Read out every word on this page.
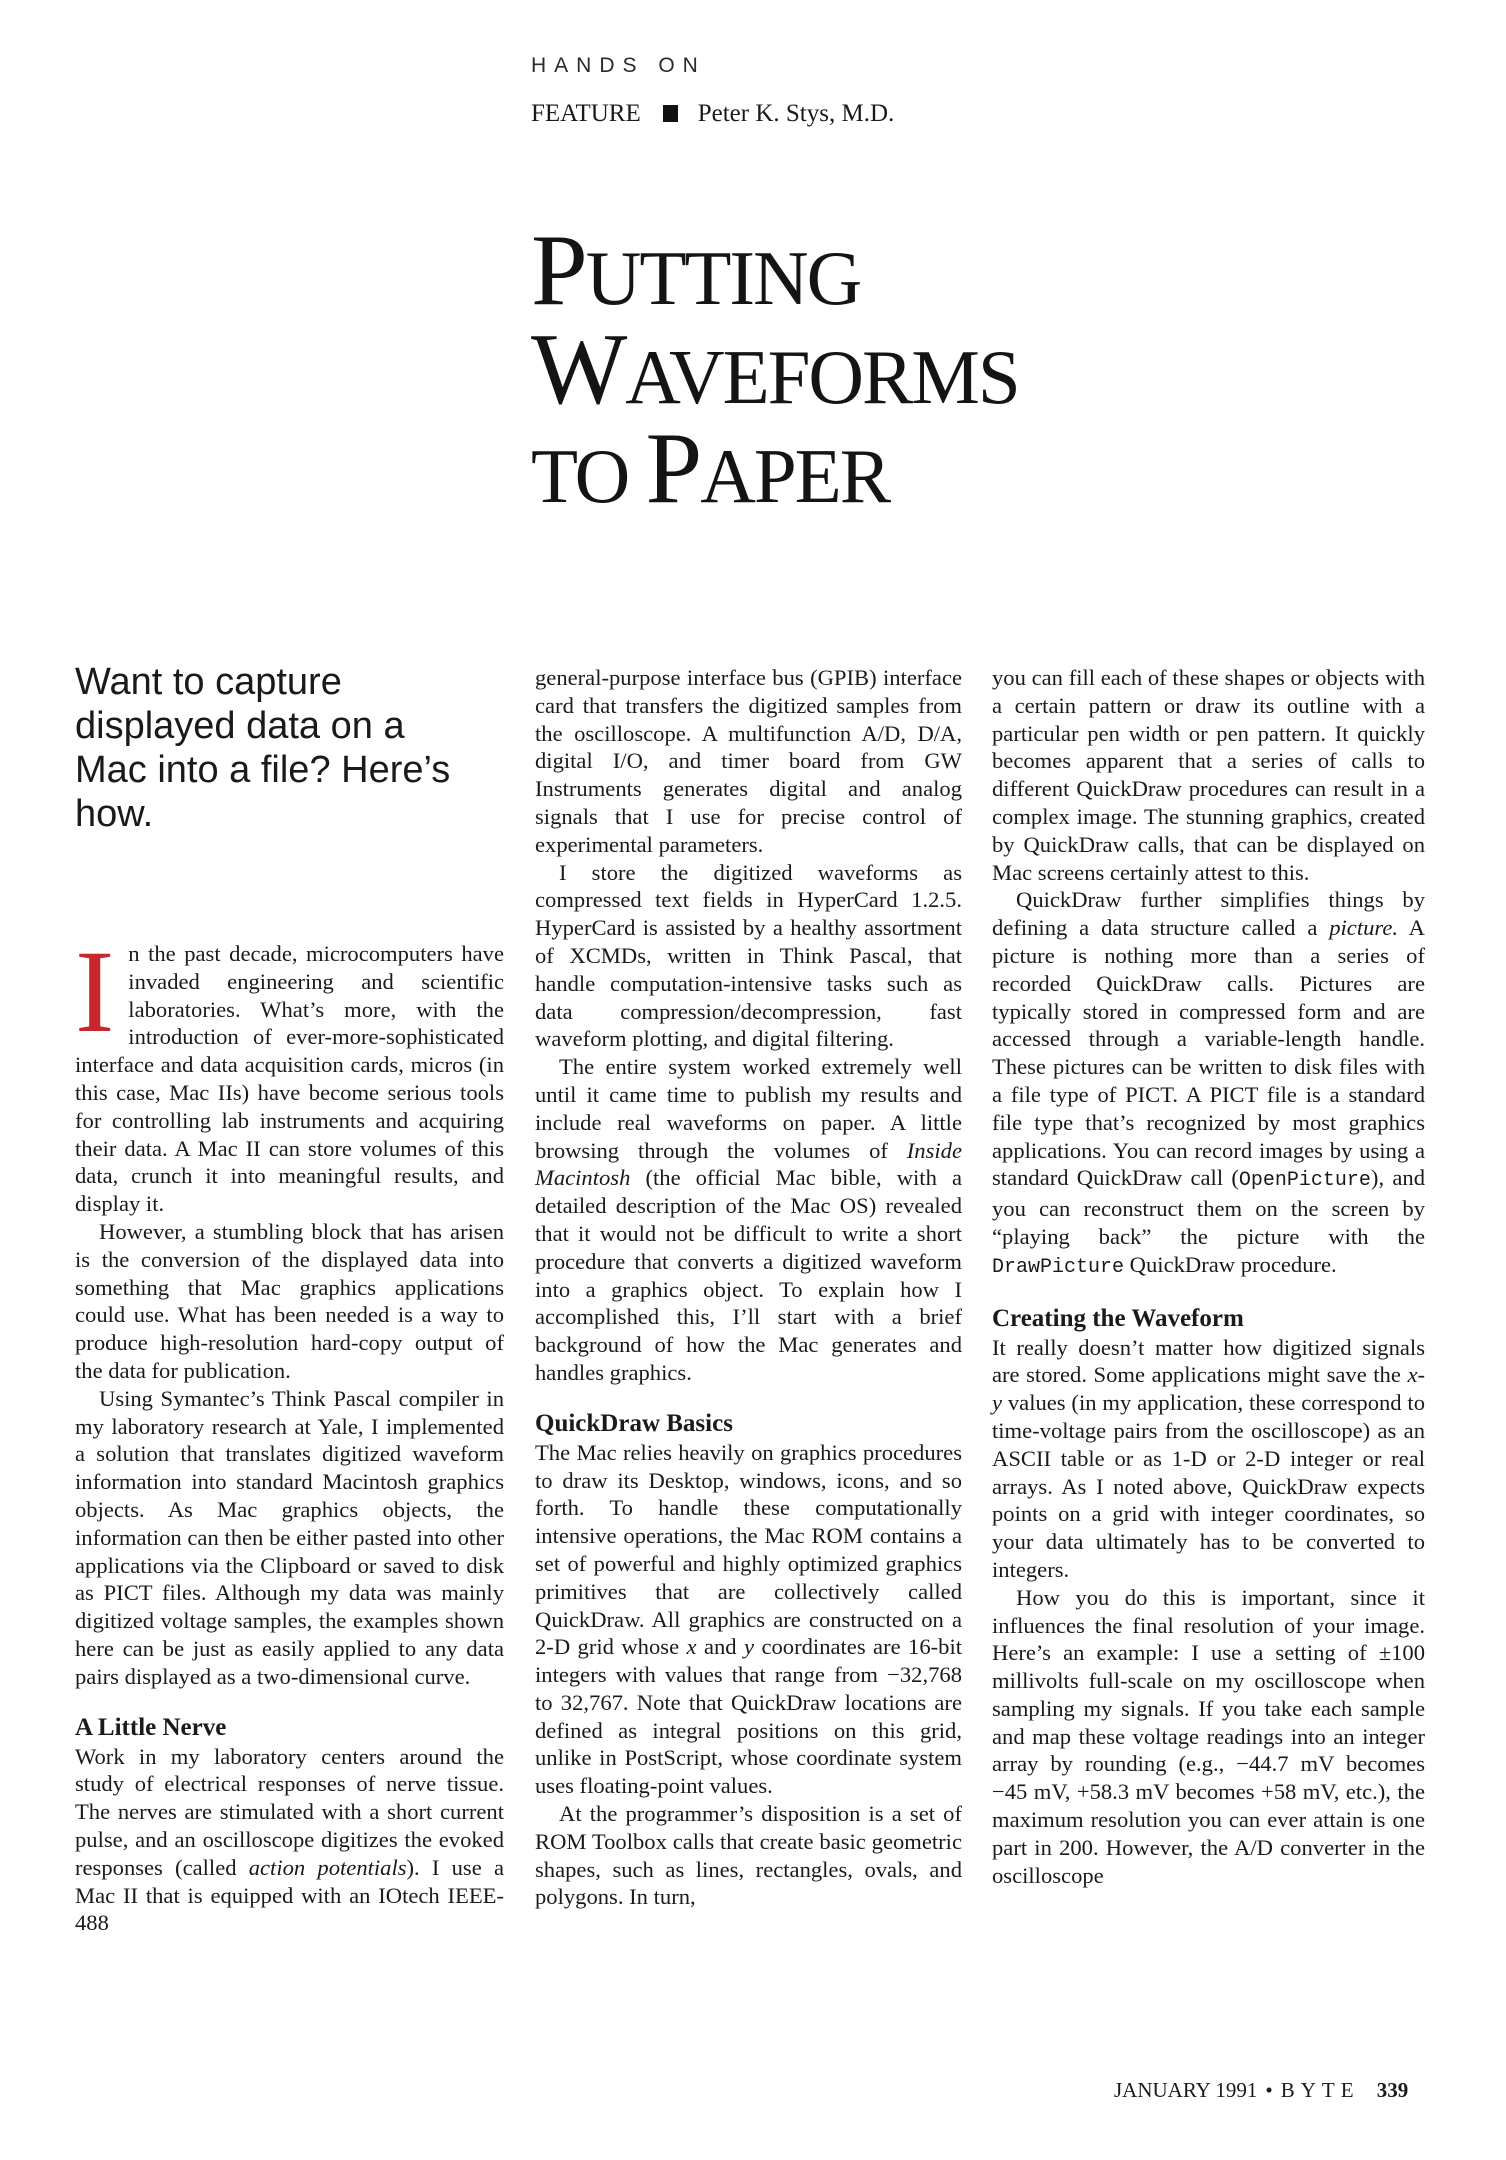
HANDS ON
FEATURE Peter K. Stys, M.D.
PUTTING
WAVEFORMS
TO PAPER
Want to capture displayed data on a Mac into a file? Here’s how.

In the past decade, microcomputers have invaded engineering and scientific laboratories. What’s more, with the introduction of ever-more-sophisticated interface and data acquisition cards, micros (in this case, Mac IIs) have become serious tools for controlling lab instruments and acquiring their data. A Mac II can store volumes of this data, crunch it into meaningful results, and display it.

However, a stumbling block that has arisen is the conversion of the displayed data into something that Mac graphics applications could use. What has been needed is a way to produce high-resolution hard-copy output of the data for publication.

Using Symantec’s Think Pascal compiler in my laboratory research at Yale, I implemented a solution that translates digitized waveform information into standard Macintosh graphics objects. As Mac graphics objects, the information can then be either pasted into other applications via the Clipboard or saved to disk as PICT files. Although my data was mainly digitized voltage samples, the examples shown here can be just as easily applied to any data pairs displayed as a two-dimensional curve.

A Little Nerve

Work in my laboratory centers around the study of electrical responses of nerve tissue. The nerves are stimulated with a short current pulse, and an oscilloscope digitizes the evoked responses (called action potentials). I use a Mac II that is equipped with an IOtech IEEE-488

general-purpose interface bus (GPIB) interface card that transfers the digitized samples from the oscilloscope. A multifunction A/D, D/A, digital I/O, and timer board from GW Instruments generates digital and analog signals that I use for precise control of experimental parameters.

I store the digitized waveforms as compressed text fields in HyperCard 1.2.5. HyperCard is assisted by a healthy assortment of XCMDs, written in Think Pascal, that handle computation-intensive tasks such as data compression/decompression, fast waveform plotting, and digital filtering.

The entire system worked extremely well until it came time to publish my results and include real waveforms on paper. A little browsing through the volumes of Inside Macintosh (the official Mac bible, with a detailed description of the Mac OS) revealed that it would not be difficult to write a short procedure that converts a digitized waveform into a graphics object. To explain how I accomplished this, I’ll start with a brief background of how the Mac generates and handles graphics.

QuickDraw Basics

The Mac relies heavily on graphics procedures to draw its Desktop, windows, icons, and so forth. To handle these computationally intensive operations, the Mac ROM contains a set of powerful and highly optimized graphics primitives that are collectively called QuickDraw. All graphics are constructed on a 2-D grid whose x and y coordinates are 16-bit integers with values that range from −32,768 to 32,767. Note that QuickDraw locations are defined as integral positions on this grid, unlike in PostScript, whose coordinate system uses floating-point values.

At the programmer’s disposition is a set of ROM Toolbox calls that create basic geometric shapes, such as lines, rectangles, ovals, and polygons. In turn,

you can fill each of these shapes or objects with a certain pattern or draw its outline with a particular pen width or pen pattern. It quickly becomes apparent that a series of calls to different QuickDraw procedures can result in a complex image. The stunning graphics, created by QuickDraw calls, that can be displayed on Mac screens certainly attest to this.

QuickDraw further simplifies things by defining a data structure called a picture. A picture is nothing more than a series of recorded QuickDraw calls. Pictures are typically stored in compressed form and are accessed through a variable-length handle. These pictures can be written to disk files with a file type of PICT. A PICT file is a standard file type that’s recognized by most graphics applications. You can record images by using a standard QuickDraw call (OpenPicture), and you can reconstruct them on the screen by “playing back” the picture with the DrawPicture QuickDraw procedure.

Creating the Waveform

It really doesn’t matter how digitized signals are stored. Some applications might save the x-y values (in my application, these correspond to time-voltage pairs from the oscilloscope) as an ASCII table or as 1-D or 2-D integer or real arrays. As I noted above, QuickDraw expects points on a grid with integer coordinates, so your data ultimately has to be converted to integers.

How you do this is important, since it influences the final resolution of your image. Here’s an example: I use a setting of ±100 millivolts full-scale on my oscilloscope when sampling my signals. If you take each sample and map these voltage readings into an integer array by rounding (e.g., −44.7 mV becomes −45 mV, +58.3 mV becomes +58 mV, etc.), the maximum resolution you can ever attain is one part in 200. However, the A/D converter in the oscilloscope

JANUARY 1991 • BYTE 339
